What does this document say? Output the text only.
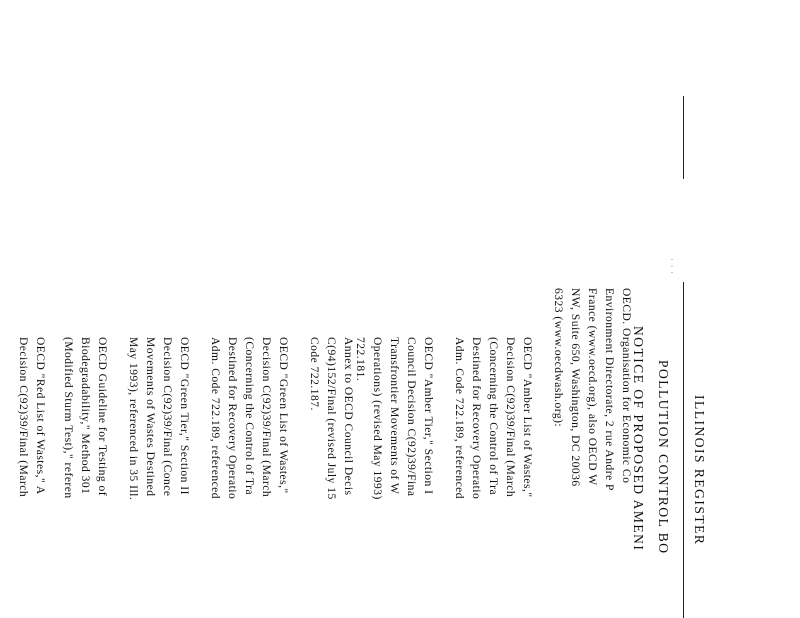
· · ·
ILLINOIS REGISTER
POLLUTION CONTROL BO
NOTICE OF PROPOSED AMENI
OECD. Organisation for Economic Co
Environment Directorate, 2 rue Andre P
France (www.oecd.org), also OECD W
NW, Suite 650, Washington, DC 20036
6323 (www.oecdwash.org):
OECD "Amber List of Wastes,"
Decision C(92)39/Final (March
(Concerning the Control of Tra
Destined for Recovery Operatio
Adm. Code 722.189, referenced
OECD "Amber Tier," Section I
Council Decision C(92)39/Fina
Transfrontier Movements of W
Operations) (revised May 1993)
722.181.
Annex to OECD Council Decis
C(94)152/Final (revised July 15
Code 722.187.
OECD "Green List of Wastes,"
Decision C(92)39/Final (March
(Concerning the Control of Tra
Destined for Recovery Operatio
Adm. Code 722.189, referenced
OECD "Green Tier," Section II
Decision C(92)39/Final (Conce
Movements of Wastes Destined
May 1993), referenced in 35 Ill.
OECD Guideline for Testing of
Biodegradability," Method 301
(Modified Sturm Test)," referen
OECD "Red List of Wastes," A
Decision C(92)39/Final (March
